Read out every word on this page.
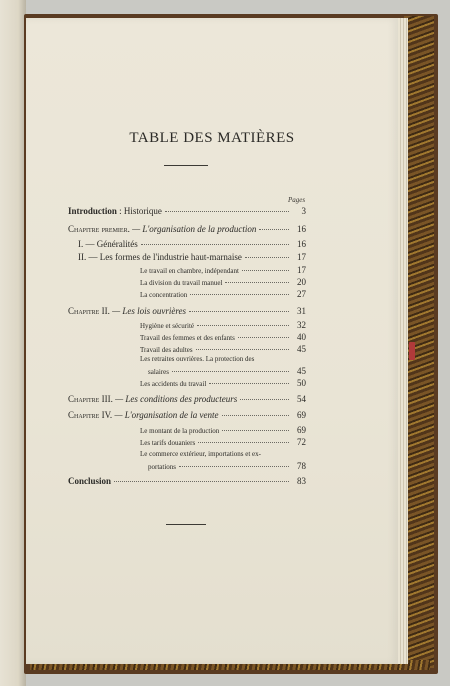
TABLE DES MATIÈRES
Pages
Introduction : Historique	3
Chapitre premier. — L'organisation de la production	16
I. — Généralités	16
II. — Les formes de l'industrie haut-marnaise	17
Le travail en chambre, indépendant	17
La division du travail manuel	20
La concentration	27
Chapitre II. — Les lois ouvrières	31
Hygiène et sécurité	32
Travail des femmes et des enfants	40
Travail des adultes	45
Les retraites ouvrières. La protection des
salaires	45
Les accidents du travail	50
Chapitre III. — Les conditions des producteurs	54
Chapitre IV. — L'organisation de la vente	69
Le montant de la production	69
Les tarifs douaniers	72
Le commerce extérieur, importations et ex-
portations	78
Conclusion	83
